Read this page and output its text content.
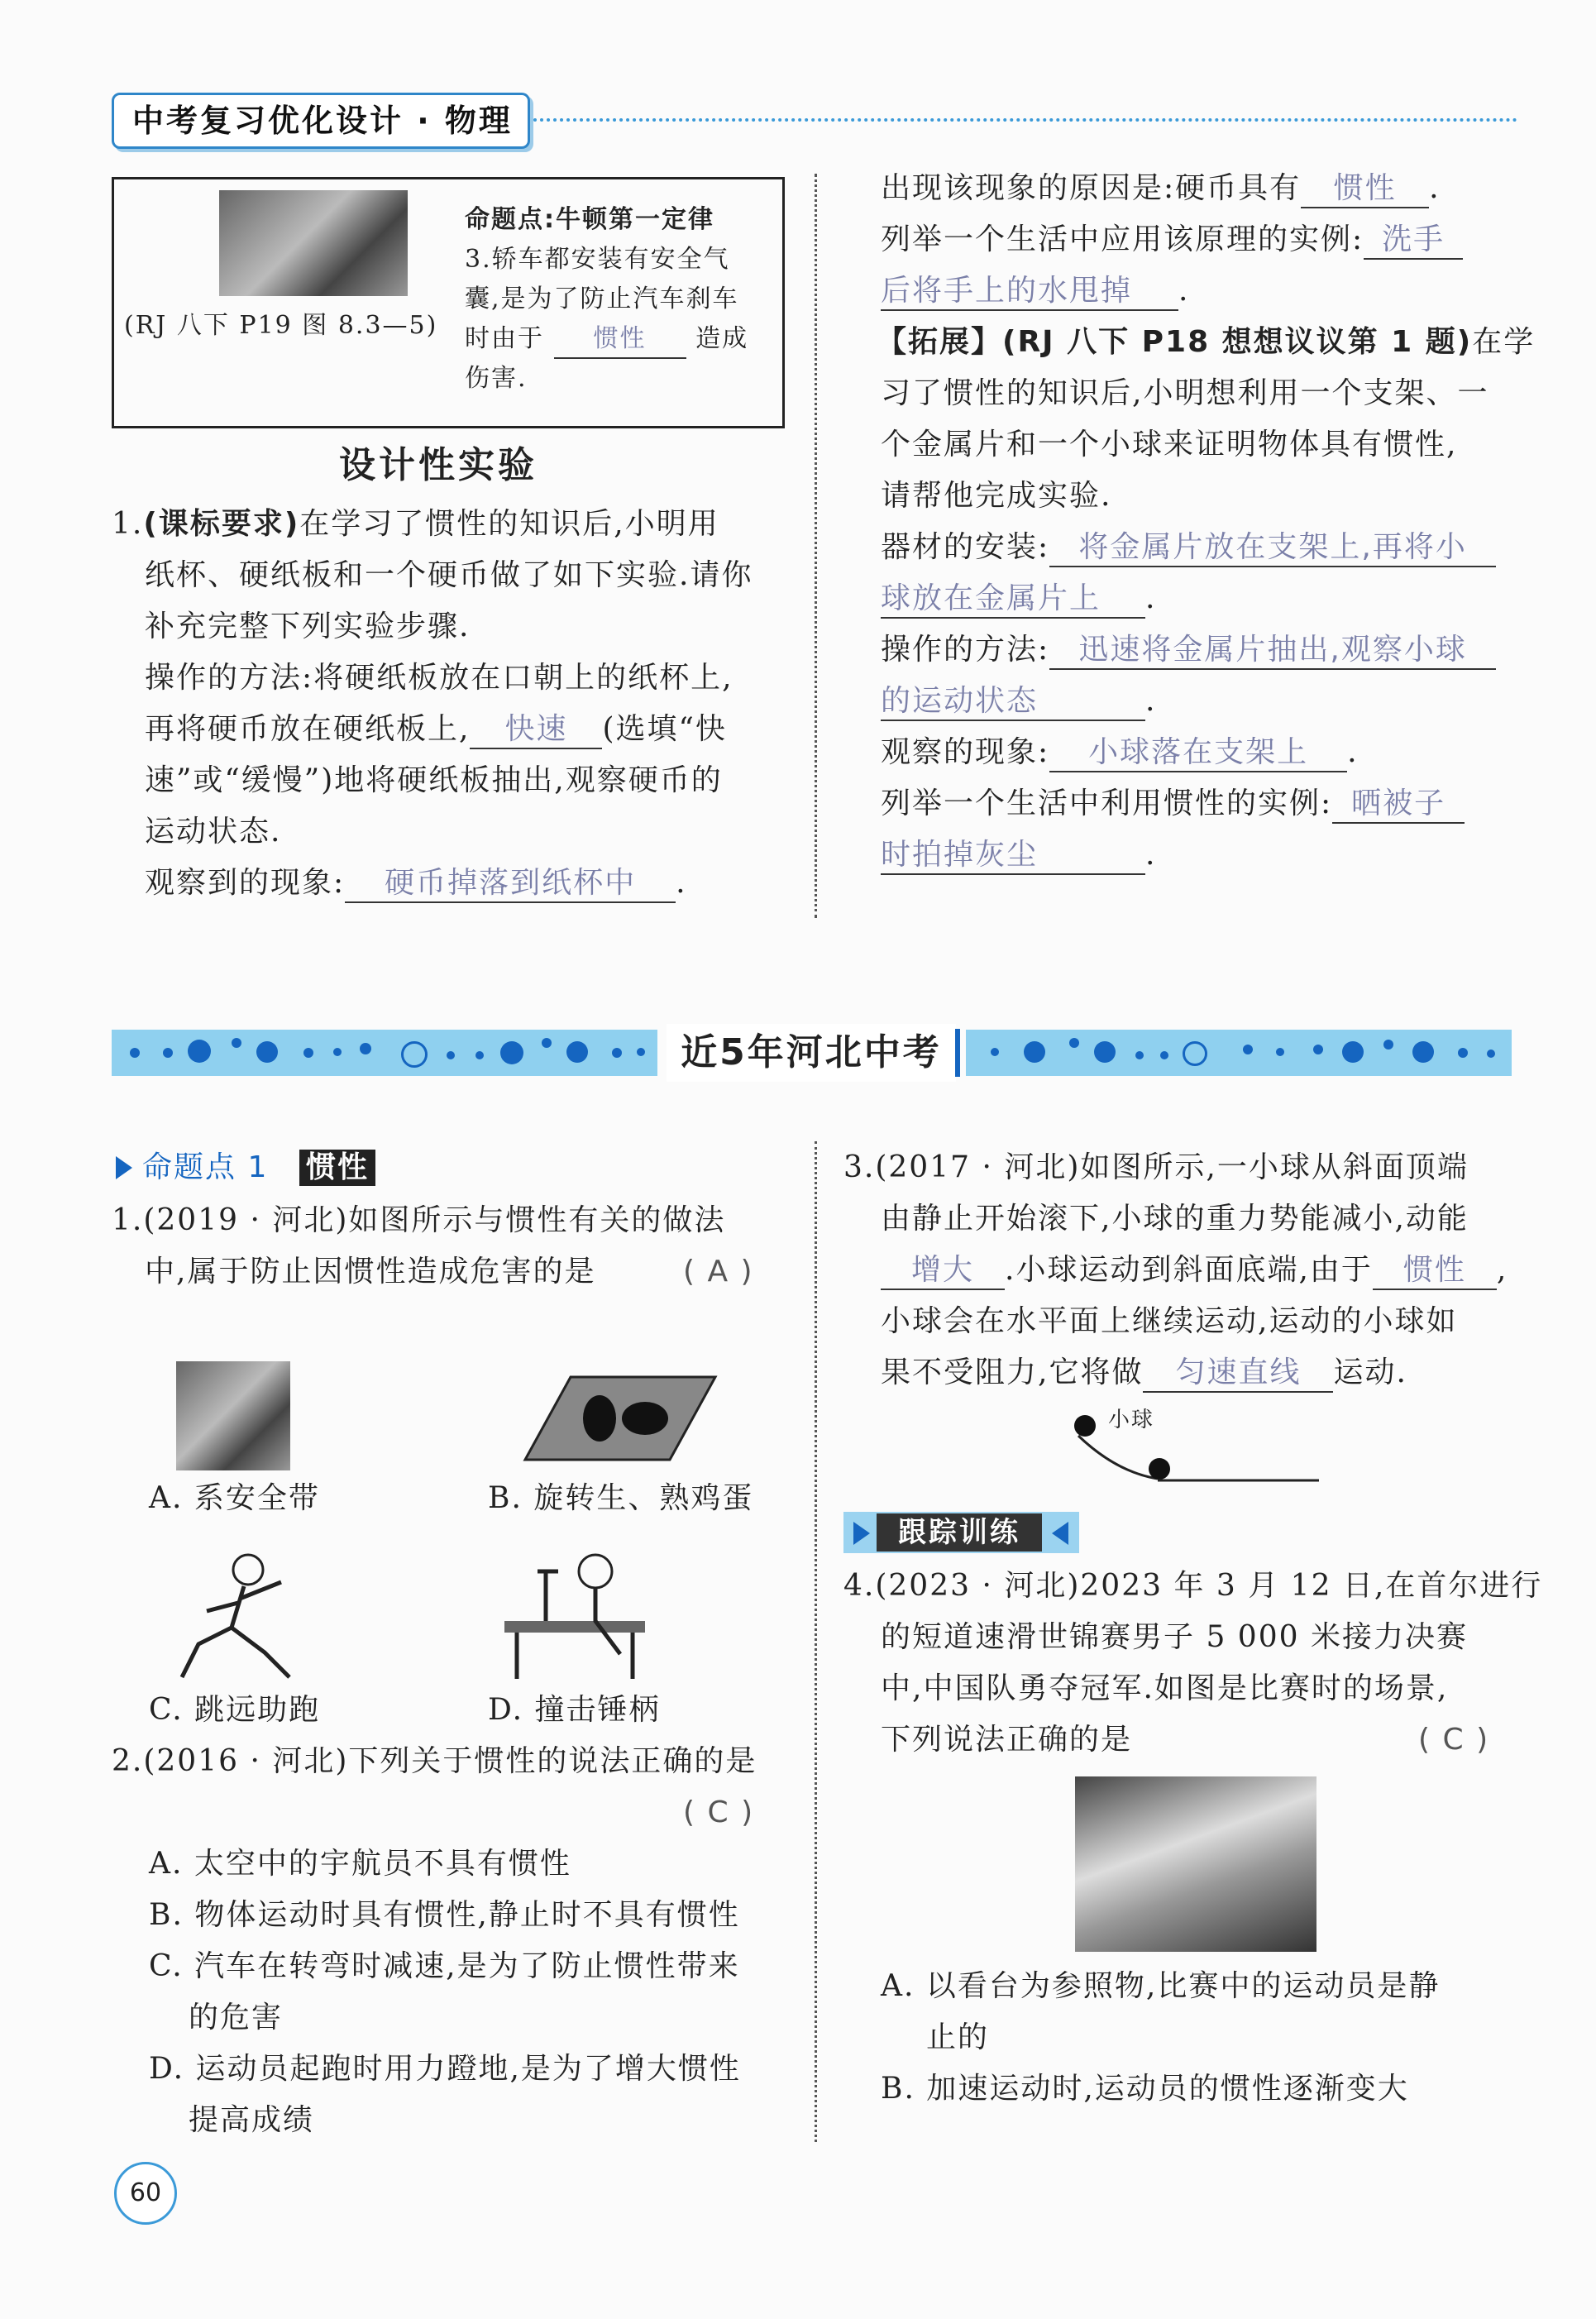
中考复习优化设计 · 物理
(RJ 八下 P19 图 8.3—5)
命题点:牛顿第一定律
3.轿车都安装有安全气
囊,是为了防止汽车刹车
时由于 惯性 造成
伤害.
设计性实验
1.(课标要求)在学习了惯性的知识后,小明用
纸杯、硬纸板和一个硬币做了如下实验.请你
补充完整下列实验步骤.
操作的方法:将硬纸板放在口朝上的纸杯上,
再将硬币放在硬纸板上, 快速 (选填“快
速”或“缓慢”)地将硬纸板抽出,观察硬币的
运动状态.
观察到的现象: 硬币掉落到纸杯中 .
出现该现象的原因是:硬币具有 惯性 .
列举一个生活中应用该原理的实例: 洗手
后将手上的水甩掉 .
【拓展】(RJ 八下 P18 想想议议第 1 题)在学
习了惯性的知识后,小明想利用一个支架、一
个金属片和一个小球来证明物体具有惯性,
请帮他完成实验.
器材的安装: 将金属片放在支架上,再将小
球放在金属片上 .
操作的方法: 迅速将金属片抽出,观察小球
的运动状态	.
观察的现象: 小球落在支架上 .
列举一个生活中利用惯性的实例: 晒被子
时拍掉灰尘	.
近5年河北中考
命题点 1 惯性
1.(2019 · 河北)如图所示与惯性有关的做法
中,属于防止因惯性造成危害的是	( A )
A. 系安全带	B. 旋转生、熟鸡蛋
C. 跳远助跑	D. 撞击锤柄
2.(2016 · 河北)下列关于惯性的说法正确的是
( C )
A. 太空中的宇航员不具有惯性
B. 物体运动时具有惯性,静止时不具有惯性
C. 汽车在转弯时减速,是为了防止惯性带来
的危害
D. 运动员起跑时用力蹬地,是为了增大惯性
提高成绩
3.(2017 · 河北)如图所示,一小球从斜面顶端
由静止开始滚下,小球的重力势能减小,动能
增大 .小球运动到斜面底端,由于 惯性 ,
小球会在水平面上继续运动,运动的小球如
果不受阻力,它将做 匀速直线 运动.
小球
跟踪训练
4.(2023 · 河北)2023 年 3 月 12 日,在首尔进行
的短道速滑世锦赛男子 5 000 米接力决赛
中,中国队勇夺冠军.如图是比赛时的场景,
下列说法正确的是	( C )
A. 以看台为参照物,比赛中的运动员是静
止的
B. 加速运动时,运动员的惯性逐渐变大
60
